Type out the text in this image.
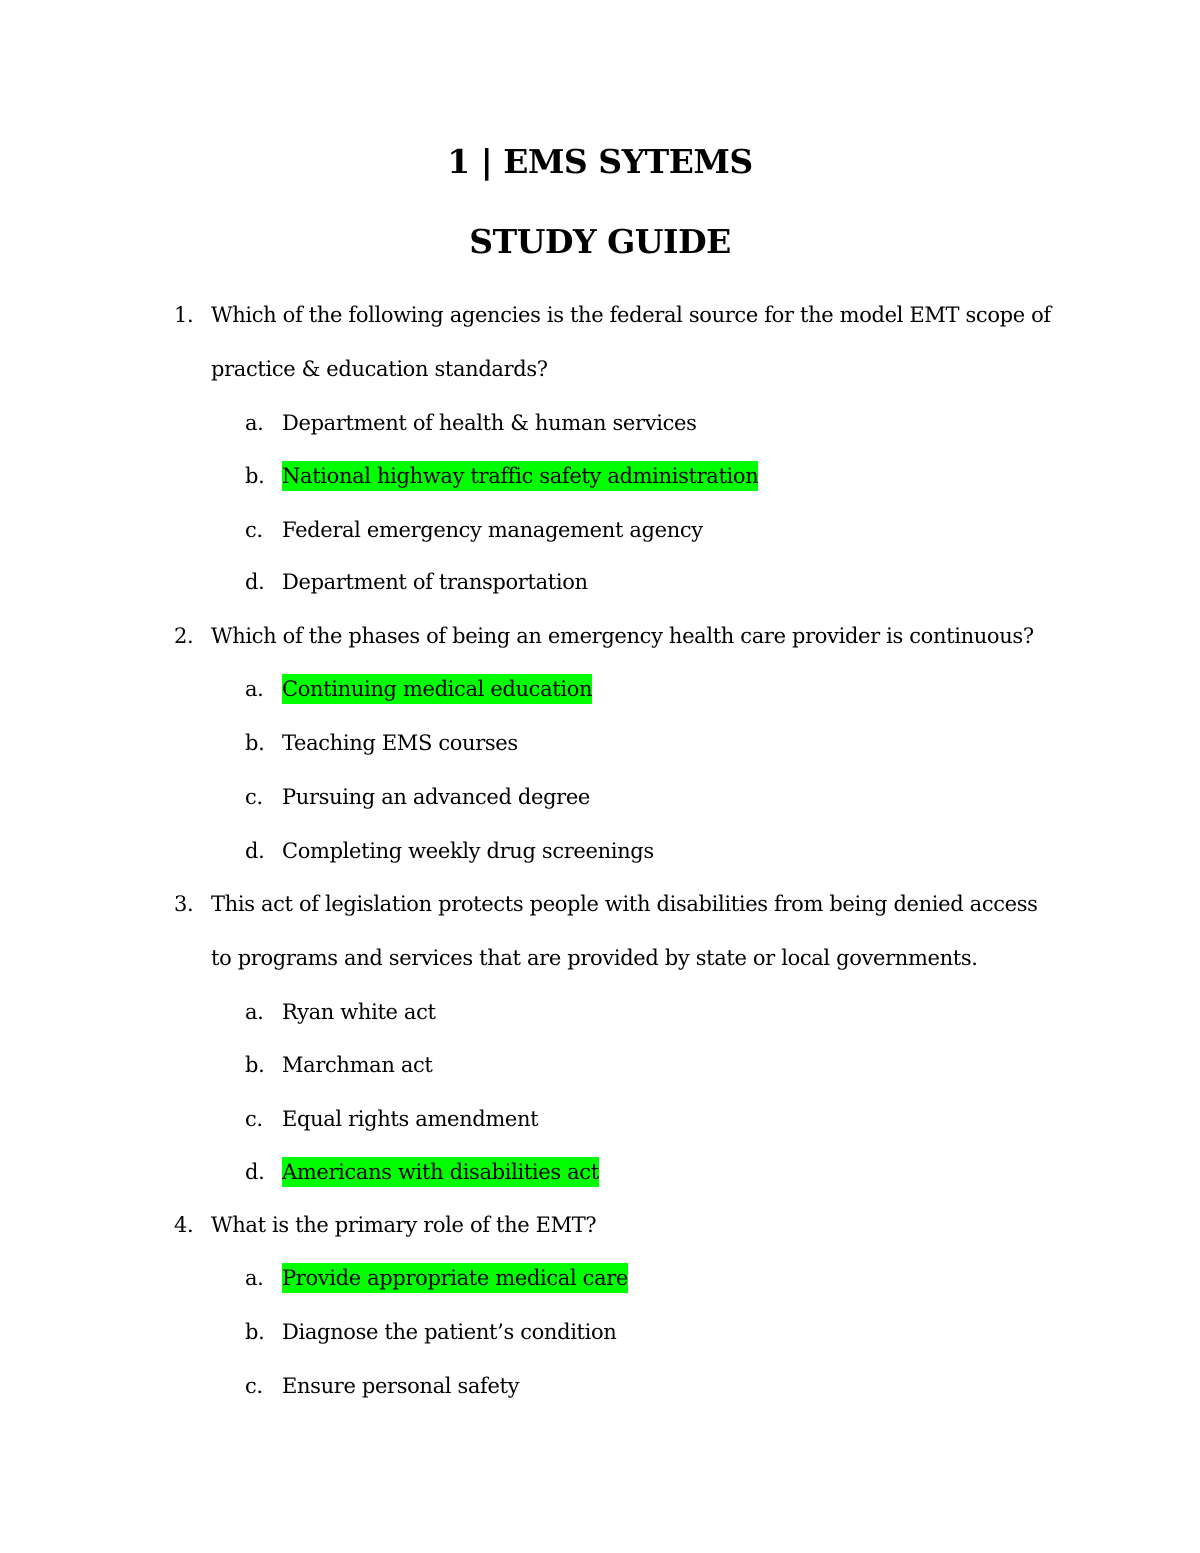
1 | EMS SYTEMS
STUDY GUIDE
1. Which of the following agencies is the federal source for the model EMT scope of
practice & education standards?
a. Department of health & human services
b. National highway traffic safety administration
c. Federal emergency management agency
d. Department of transportation
2. Which of the phases of being an emergency health care provider is continuous?
a. Continuing medical education
b. Teaching EMS courses
c. Pursuing an advanced degree
d. Completing weekly drug screenings
3. This act of legislation protects people with disabilities from being denied access
to programs and services that are provided by state or local governments.
a. Ryan white act
b. Marchman act
c. Equal rights amendment
d. Americans with disabilities act
4. What is the primary role of the EMT?
a. Provide appropriate medical care
b. Diagnose the patient’s condition
c. Ensure personal safety
